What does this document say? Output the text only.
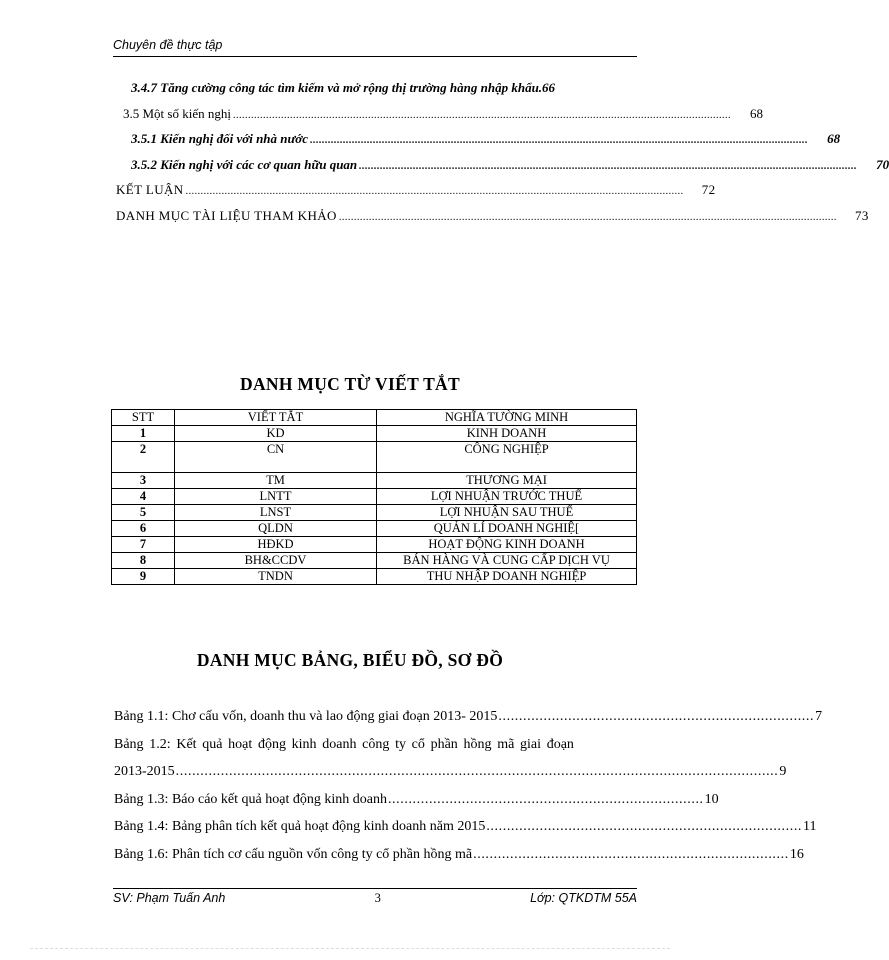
Chuyên đề thực tập
3.4.7 Tăng cường công tác tìm kiếm và mở rộng thị trường hàng nhập khẩu . 66
3.5 Một số kiến nghị ......................................................................................................................................................................	68
3.5.1 Kiến nghị đối với nhà nước ......................................................................................................................................................................	68
3.5.2 Kiến nghị với các cơ quan hữu quan ......................................................................................................................................................................	70
KẾT LUẬN ......................................................................................................................................................................	72
DANH MỤC TÀI LIỆU THAM KHẢO ......................................................................................................................................................................	73
DANH MỤC TỪ VIẾT TẮT
STT	VIẾT TẮT	NGHĨA TƯỜNG MINH
1	KD	KINH DOANH
2	CN	CÔNG NGHIỆP
3	TM	THƯƠNG MẠI
4	LNTT	LỢI NHUẬN TRƯỚC THUẾ
5	LNST	LỢI NHUẬN SAU THUẾ
6	QLDN	QUẢN LÍ DOANH NGHIỆ[
7	HĐKD	HOẠT ĐỘNG KINH DOANH
8	BH&CCDV	BÁN HÀNG VÀ CUNG CẤP DỊCH VỤ
9	TNDN	THU NHẬP DOANH NGHIỆP
DANH MỤC BẢNG, BIỂU ĐỒ, SƠ ĐỒ
Bảng 1.1: Chơ cấu vốn, doanh thu và lao động giai đoạn 2013- 2015 ............................................................................. 7
Bảng 1.2: Kết quả hoạt động kinh doanh công ty cổ phần hồng mã giai đoạn
2013-2015 ................................................................................................................................................... 9
Bảng 1.3: Báo cáo kết quả hoạt động kinh doanh ............................................................................. 10
Bảng 1.4: Bảng phân tích kết quả hoạt động kinh doanh năm 2015 ............................................................................. 11
Bảng 1.6: Phân tích cơ cấu nguồn vốn công ty cổ phần hồng mã ............................................................................. 16
SV: Phạm Tuấn Anh	3	Lớp: QTKDTM 55A
